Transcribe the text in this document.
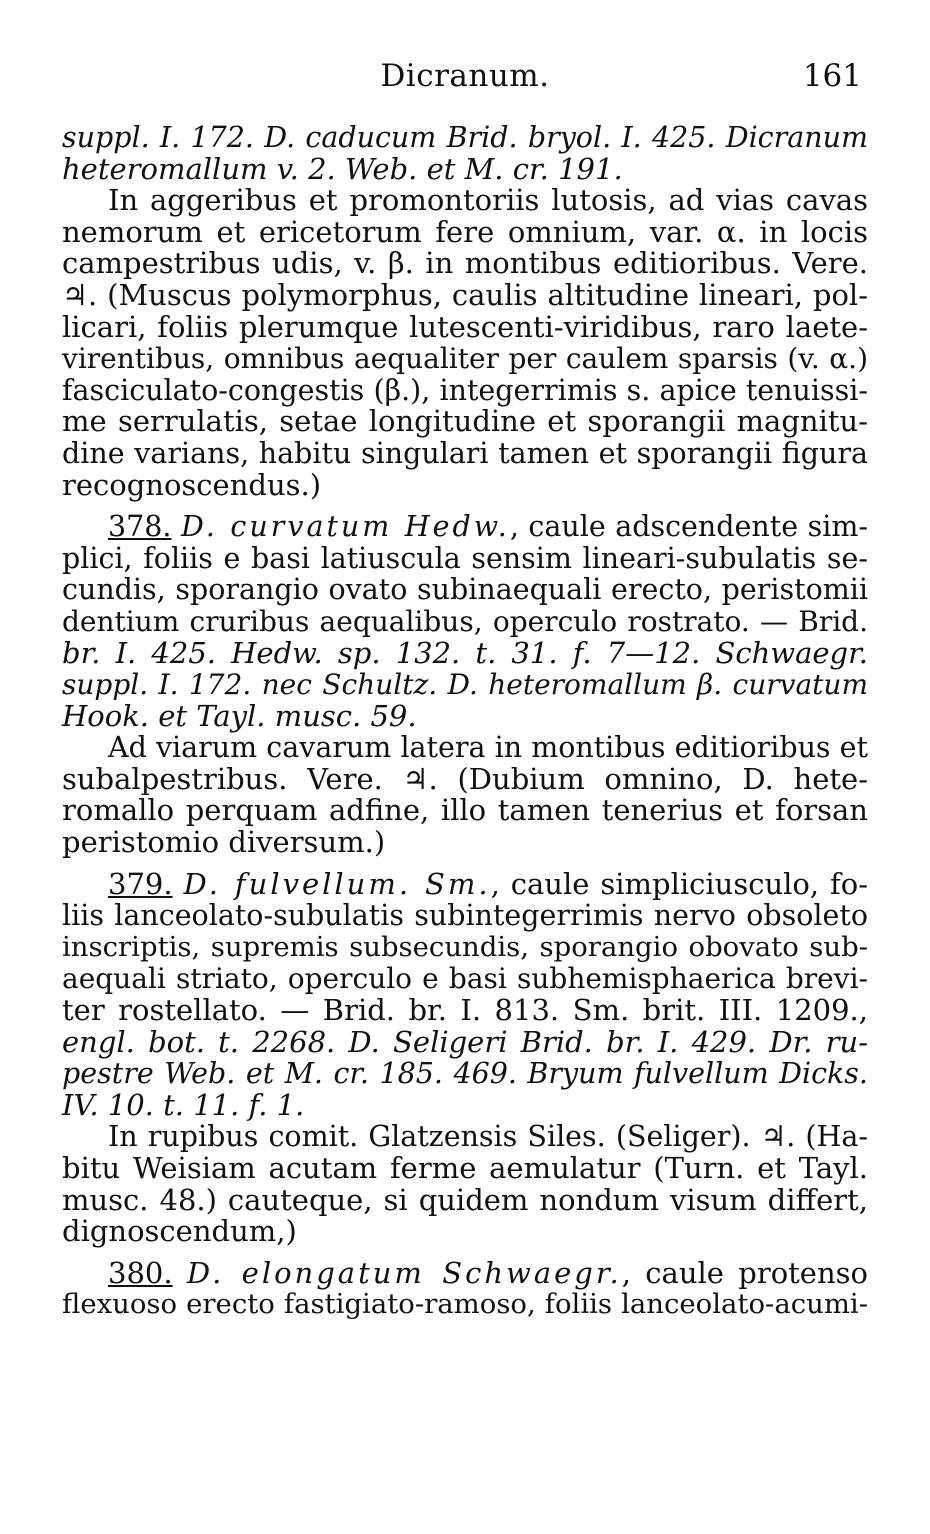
Dicranum.	161

suppl. I. 172. D. caducum Brid. bryol. I. 425. Dicranum
heteromallum v. 2. Web. et M. cr. 191.

In aggeribus et promontoriis lutosis, ad vias cavas
nemorum et ericetorum fere omnium, var. α. in locis
campestribus udis, v. β. in montibus editioribus. Vere.
♃. (Muscus polymorphus, caulis altitudine lineari, pol-
licari, foliis plerumque lutescenti-viridibus, raro laete-
virentibus, omnibus aequaliter per caulem sparsis (v. α.)
fasciculato-congestis (β.), integerrimis s. apice tenuissi-
me serrulatis, setae longitudine et sporangii magnitu-
dine varians, habitu singulari tamen et sporangii figura
recognoscendus.)

378. D. curvatum Hedw., caule adscendente sim-
plici, foliis e basi latiuscula sensim lineari-subulatis se-
cundis, sporangio ovato subinaequali erecto, peristomii
dentium cruribus aequalibus, operculo rostrato. — Brid.
br. I. 425. Hedw. sp. 132. t. 31. f. 7—12. Schwaegr.
suppl. I. 172. nec Schultz. D. heteromallum β. curvatum
Hook. et Tayl. musc. 59.

Ad viarum cavarum latera in montibus editioribus et
subalpestribus. Vere. ♃. (Dubium omnino, D. hete-
romallo perquam adfine, illo tamen tenerius et forsan
peristomio diversum.)

379. D. fulvellum. Sm., caule simpliciusculo, fo-
liis lanceolato-subulatis subintegerrimis nervo obsoleto
inscriptis, supremis subsecundis, sporangio obovato sub-
aequali striato, operculo e basi subhemisphaerica brevi-
ter rostellato. — Brid. br. I. 813. Sm. brit. III. 1209.,
engl. bot. t. 2268. D. Seligeri Brid. br. I. 429. Dr. ru-
pestre Web. et M. cr. 185. 469. Bryum fulvellum Dicks.
IV. 10. t. 11. f. 1.

In rupibus comit. Glatzensis Siles. (Seliger). ♃. (Ha-
bitu Weisiam acutam ferme aemulatur (Turn. et Tayl.
musc. 48.) cauteque, si quidem nondum visum differt,
dignoscendum,)

380. D. elongatum Schwaegr., caule protenso
flexuoso erecto fastigiato-ramoso, foliis lanceolato-acumi-
